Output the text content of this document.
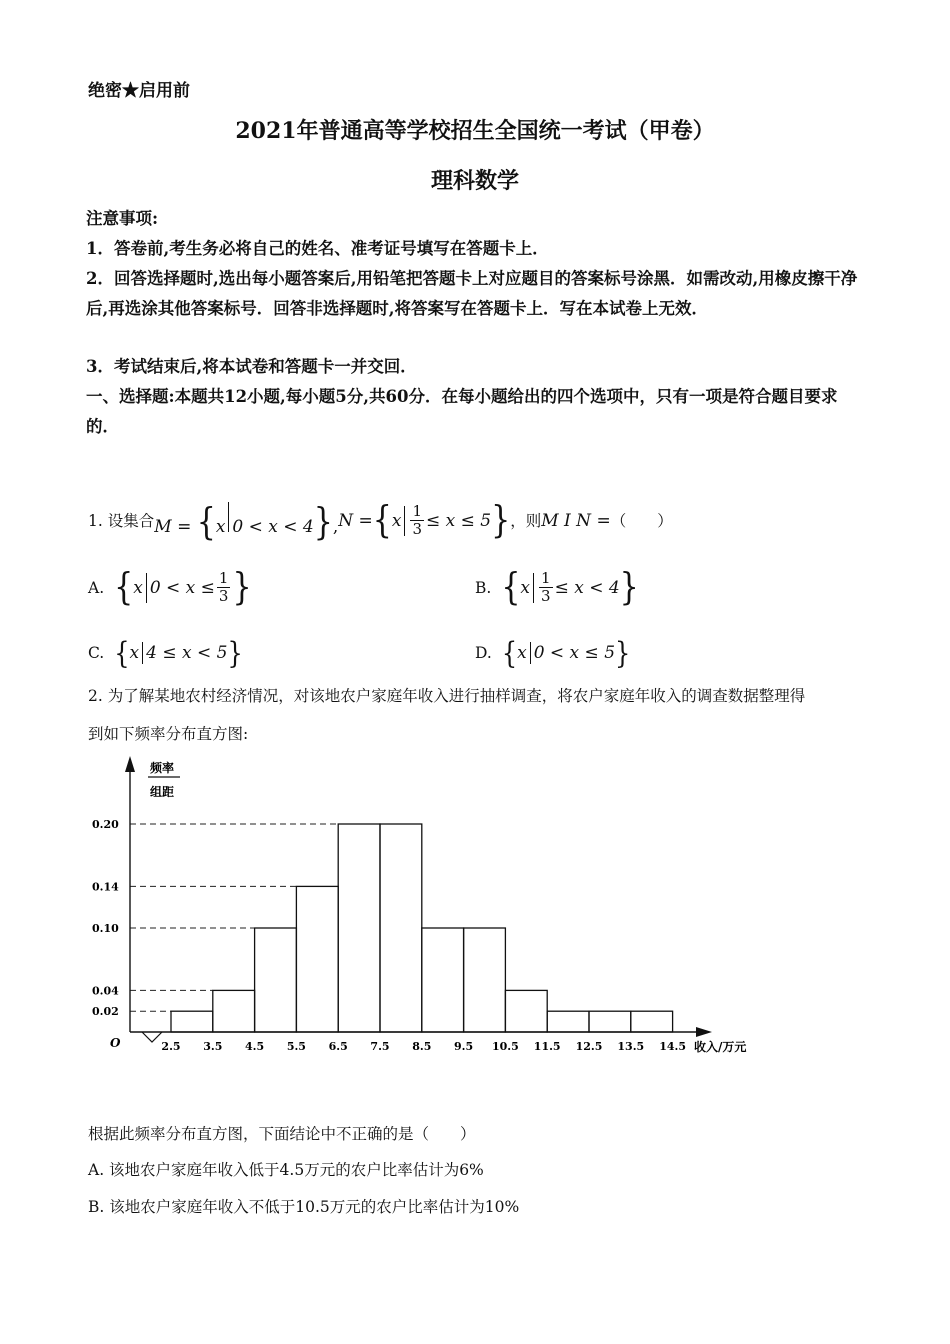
绝密★启用前
2021年普通高等学校招生全国统一考试（甲卷）
理科数学
注意事项:
1．答卷前,考生务必将自己的姓名、准考证号填写在答题卡上．
2．回答选择题时,选出每小题答案后,用铅笔把答题卡上对应题目的答案标号涂黑．如需改动,用橡皮擦干净后,再选涂其他答案标号．回答非选择题时,将答案写在答题卡上．写在本试卷上无效．
3．考试结束后,将本试卷和答题卡一并交回．
一、选择题:本题共12小题,每小题5分,共60分．在每小题给出的四个选项中，只有一项是符合题目要求的．
1.
设集合 M = {x 0 < x < 4}, N
= { x $\frac{1}{3} \le x \le 5$ } ，则 M I N = （　　）
A. { x $0 < x \le \frac{1}{3}$ }	B. { x $\frac{1}{3} \le x < 4$ }
C. { x 4 ≤ x < 5 }	D. { x 0 < x ≤ 5 }
2. 为了解某地农村经济情况，对该地农户家庭年收入进行抽样调查，将农户家庭年收入的调查数据整理得
到如下频率分布直方图:
0.02
0.04
0.10
0.14
0.20
频率
组距
O	2.5 3.5 4.5 5.5 6.5 7.5 8.5 9.5 10.5 11.5 12.5 13.5 14.5 收入/万元
根据此频率分布直方图，下面结论中不正确的是（　　）
A. 该地农户家庭年收入低于4.5万元的农户比率估计为6%
B. 该地农户家庭年收入不低于10.5万元的农户比率估计为10%
